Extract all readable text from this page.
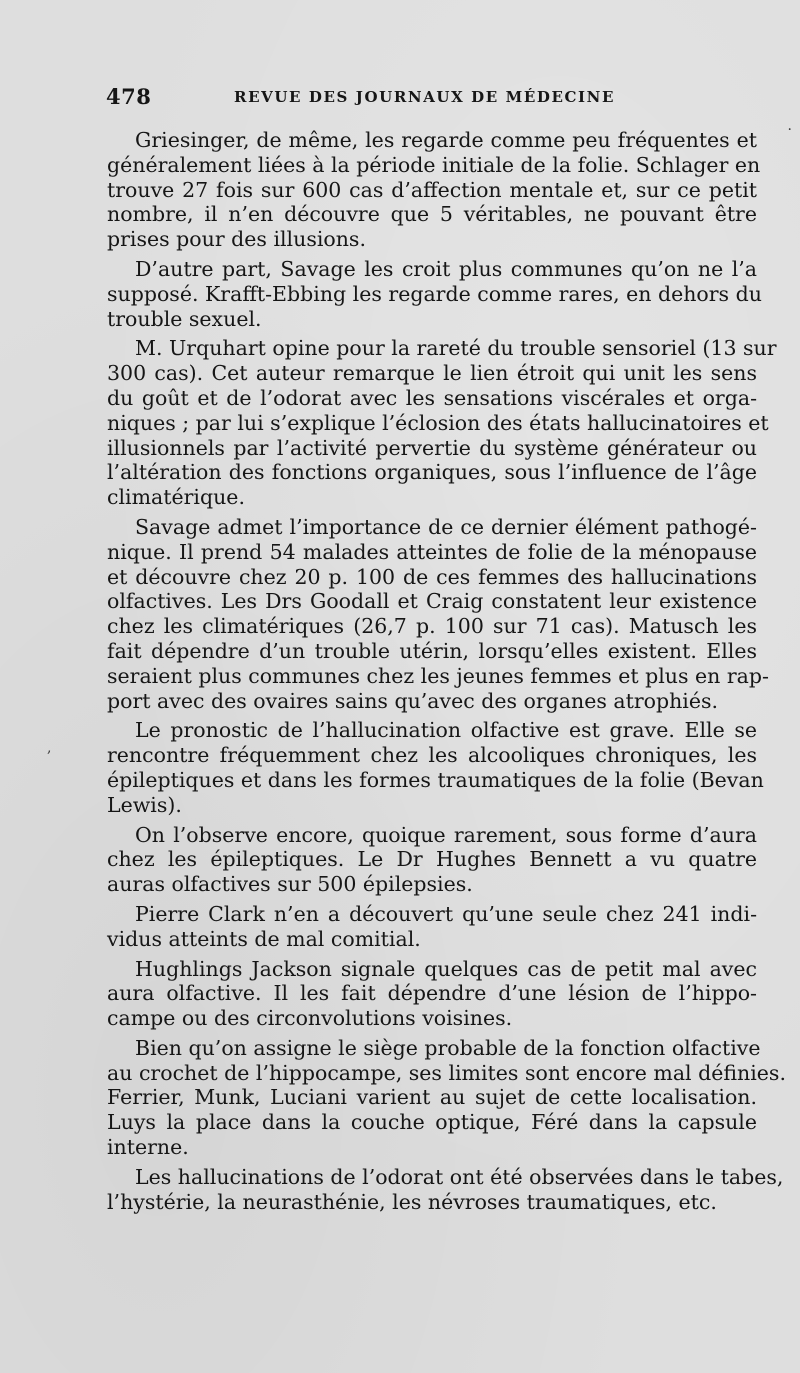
478	REVUE DES JOURNAUX DE MÉDECINE
Griesinger, de même, les regarde comme peu fréquentes et
généralement liées à la période initiale de la folie. Schlager en
trouve 27 fois sur 600 cas d’affection mentale et, sur ce petit
nombre, il n’en découvre que 5 véritables, ne pouvant être
prises pour des illusions.
D’autre part, Savage les croit plus communes qu’on ne l’a
supposé. Krafft-Ebbing les regarde comme rares, en dehors du
trouble sexuel.
M. Urquhart opine pour la rareté du trouble sensoriel (13 sur
300 cas). Cet auteur remarque le lien étroit qui unit les sens
du goût et de l’odorat avec les sensations viscérales et orga-
niques ; par lui s’explique l’éclosion des états hallucinatoires et
illusionnels par l’activité pervertie du système générateur ou
l’altération des fonctions organiques, sous l’influence de l’âge
climatérique.
Savage admet l’importance de ce dernier élément pathogé-
nique. Il prend 54 malades atteintes de folie de la ménopause
et découvre chez 20 p. 100 de ces femmes des hallucinations
olfactives. Les Drs Goodall et Craig constatent leur existence
chez les climatériques (26,7 p. 100 sur 71 cas). Matusch les
fait dépendre d’un trouble utérin, lorsqu’elles existent. Elles
seraient plus communes chez les jeunes femmes et plus en rap-
port avec des ovaires sains qu’avec des organes atrophiés.
Le pronostic de l’hallucination olfactive est grave. Elle se
rencontre fréquemment chez les alcooliques chroniques, les
épileptiques et dans les formes traumatiques de la folie (Bevan
Lewis).
On l’observe encore, quoique rarement, sous forme d’aura
chez les épileptiques. Le Dr Hughes Bennett a vu quatre
auras olfactives sur 500 épilepsies.
Pierre Clark n’en a découvert qu’une seule chez 241 indi-
vidus atteints de mal comitial.
Hughlings Jackson signale quelques cas de petit mal avec
aura olfactive. Il les fait dépendre d’une lésion de l’hippo-
campe ou des circonvolutions voisines.
Bien qu’on assigne le siège probable de la fonction olfactive
au crochet de l’hippocampe, ses limites sont encore mal définies.
Ferrier, Munk, Luciani varient au sujet de cette localisation.
Luys la place dans la couche optique, Féré dans la capsule
interne.
Les hallucinations de l’odorat ont été observées dans le tabes,
l’hystérie, la neurasthénie, les névroses traumatiques, etc.
,
·
